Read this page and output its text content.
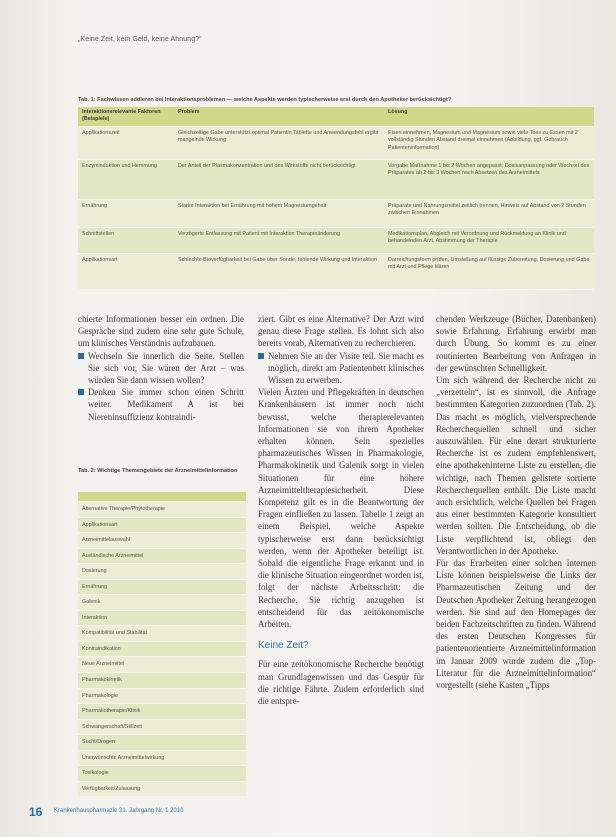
„Keine Zeit, kein Geld, keine Ahnung?“
Tab. 1: Fachwissen addieren bei Interaktionsproblemen — welche Aspekte werden typischerweise erst durch den Apotheker berücksichtigt?
Interaktionsrelevante Faktoren (Beispiele)	Problem	Lösung
Applikationszeit	Gleichzeitige Gabe unterstützt optimal Patientin Tablette und Anwendungsfehl ergibt mangelnde Wirkung	Eisen einnehmen, Magnesium und Magnesium sowie viele Tees zu Essen mit 2 vollständig Stunden Abstand dreimal einnehmen (Abbildung, ggf. Gebrauch Patienteninformation)
Enzyminduktion und Hemmung	Der Anteil der Plasmakonzentration und des Wirkstoffs nicht berücksichtigt	Vorgabe Maßnahme 1 bis 2 Wochen angepasst; Dosisanpassung oder Wechsel des Präparates ab 2 bis 3 Wochen nach Absetzen des Arzneimittels
Ernährung	Starke Interaktion bei Ernährung mit hohem Magnesiumgehalt	Präparate und Nahrungsmittel zeitlich trennen, Hinweis auf Abstand von 2 Stunden zwischen Einnahmen
Schnittstellen	Verzögerte Entlassung mit Patient mit Interaktion Therapieänderung	Medikationsplan, Abgleich mit Verordnung und Rückmeldung an Klinik und behandelnden Arzt, Abstimmung der Therapie
Applikationsart	Schlechte Bioverfügbarkeit bei Gabe über Sonde, fehlende Wirkung und Interaktion	Darreichungsform prüfen, Umstellung auf flüssige Zubereitung, Dosierung und Gabe mit Arzt und Pflege klären

chierte Informationen besser ein ordnen. Die Gespräche sind zudem eine sehr gute Schule, um klinisches Verständnis aufzubauen.

Wechseln Sie innerlich die Seite. Stellen Sie sich vor, Sie wären der Arzt – was würden Sie dann wissen wollen?

Denken Sie immer schon einen Schritt weiter. Medikament A ist bei Niereninsuffizienz kontraindi-

Tab. 2: Wichtige Themengebiete der Arzneimittelinformation
Alternative Therapie/Phytotherapie
Applikationsart
Arzneimittelauswahl
Ausländische Arzneimittel
Dosierung
Ernährung
Galenik
Interaktion
Kompatibilität und Stabilität
Kontraindikation
Neue Arzneimittel
Pharmakokinetik
Pharmakologie
Pharmakotherapie/Klinik
Schwangerschaft/Stillzeit
Sucht/Drogen
Unerwünschte Arzneimittelwirkung
Toxikologie
Verfügbarkeit/Zulassung

ziert. Gibt es eine Alternative? Der Arzt wird genau diese Frage stellen. Es lohnt sich also bereits vorab, Alternativen zu recherchieren.

Nehmen Sie an der Visite teil. Sie macht es möglich, direkt am Patientenbett klinisches Wissen zu erwerben.

Vielen Ärzten und Pflegekräften in deutschen Krankenhäusern ist immer noch nicht bewusst, welche therapierelevanten Informationen sie von ihrem Apotheker erhalten können. Sein spezielles pharmazeutisches Wissen in Pharmakologie, Pharmakokinetik und Galenik sorgt in vielen Situationen für eine höhere Arzneimitteltherapiesicherheit. Diese Kompetenz gilt es in die Beantwortung der Fragen einfließen zu lassen. Tabelle 1 zeigt an einem Beispiel, welche Aspekte typischerweise erst dann berücksichtigt werden, wenn der Apotheker beteiligt ist. Sobald die eigentliche Frage erkannt und in die klinische Situation eingeordnet worden ist, folgt der nächste Arbeitsschritt: die Recherche. Sie richtig anzugehen ist entscheidend für das zeitökonomische Arbeiten.

Keine Zeit?

Für eine zeitökonomische Recherche benötigt man Grundlagenwissen und das Gespür für die richtige Fährte. Zudem erforderlich sind die entspre-

chenden Werkzeuge (Bücher, Datenbanken) sowie Erfahrung. Erfahrung erwirbt man durch Übung. So kommt es zu einer routinierten Bearbeitung von Anfragen in der gewünschten Schnelligkeit.

Um sich während der Recherche nicht zu „verzetteln“, ist es sinnvoll, die Anfrage bestimmten Kategorien zuzuordnen (Tab. 2). Das macht es möglich, vielversprechende Recherchequellen schnell und sicher auszuwählen. Für eine derart strukturierte Recherche ist es zudem empfehlenswert, eine apothekeninterne Liste zu erstellen, die wichtige, nach Themen gelistete sortierte Recherchequellen enthält. Die Liste macht auch ersichtlich, welche Quellen bei Fragen aus einer bestimmten Kategorie konsultiert werden sollten. Die Entscheidung, ob die Liste verpflichtend ist, obliegt den Verantwortlichen in der Apotheke.

Für das Erarbeiten einer solchen internen Liste können beispielsweise die Links der Pharmazeutischen Zeitung und der Deutschen Apotheker Zeitung herangezogen werden. Sie sind auf den Homepages der beiden Fachzeitschriften zu finden. Während des ersten Deutschen Kongresses für patientenorientierte Arzneimittelinformation im Januar 2009 wurde zudem die „Top-Literatur für die Arzneimittelinformation“ vorgestellt (siehe Kasten „Tipps

16 Krankenhauspharmazie 31. Jahrgang Nr. 1 2010
